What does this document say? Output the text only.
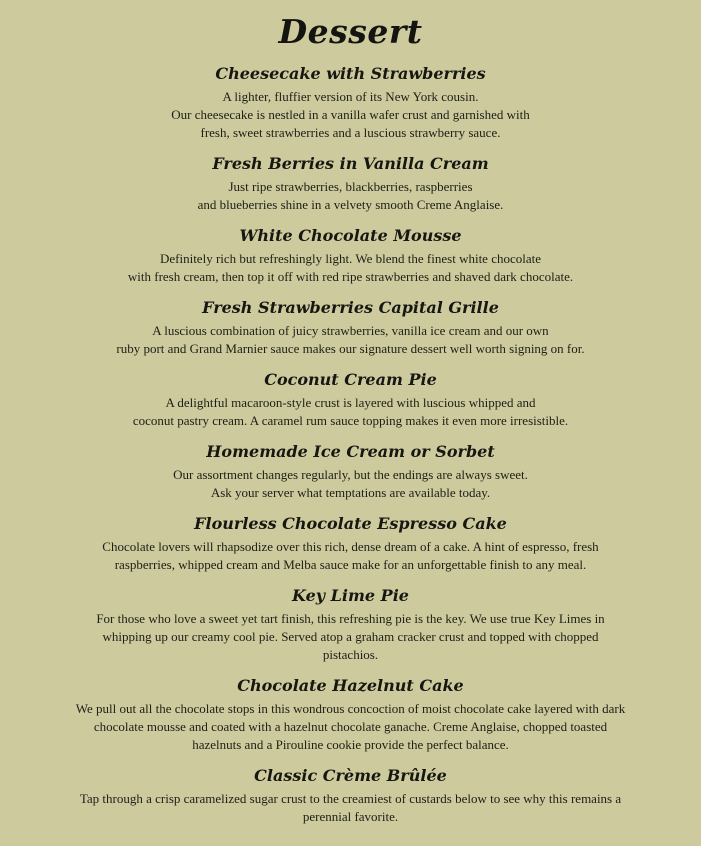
Dessert
Cheesecake with Strawberries

A lighter, fluffier version of its New York cousin.
Our cheesecake is nestled in a vanilla wafer crust and garnished with
fresh, sweet strawberries and a luscious strawberry sauce.

Fresh Berries in Vanilla Cream

Just ripe strawberries, blackberries, raspberries
and blueberries shine in a velvety smooth Creme Anglaise.

White Chocolate Mousse

Definitely rich but refreshingly light. We blend the finest white chocolate
with fresh cream, then top it off with red ripe strawberries and shaved dark chocolate.

Fresh Strawberries Capital Grille

A luscious combination of juicy strawberries, vanilla ice cream and our own
ruby port and Grand Marnier sauce makes our signature dessert well worth signing on for.

Coconut Cream Pie

A delightful macaroon-style crust is layered with luscious whipped and
coconut pastry cream. A caramel rum sauce topping makes it even more irresistible.

Homemade Ice Cream or Sorbet

Our assortment changes regularly, but the endings are always sweet.
Ask your server what temptations are available today.

Flourless Chocolate Espresso Cake

Chocolate lovers will rhapsodize over this rich, dense dream of a cake. A hint of espresso, fresh
raspberries, whipped cream and Melba sauce make for an unforgettable finish to any meal.

Key Lime Pie

For those who love a sweet yet tart finish, this refreshing pie is the key. We use true Key Limes in
whipping up our creamy cool pie. Served atop a graham cracker crust and topped with chopped
pistachios.

Chocolate Hazelnut Cake

We pull out all the chocolate stops in this wondrous concoction of moist chocolate cake layered with dark
chocolate mousse and coated with a hazelnut chocolate ganache. Creme Anglaise, chopped toasted
hazelnuts and a Pirouline cookie provide the perfect balance.

Classic Crème Brûlée

Tap through a crisp caramelized sugar crust to the creamiest of custards below to see why this remains a
perennial favorite.
